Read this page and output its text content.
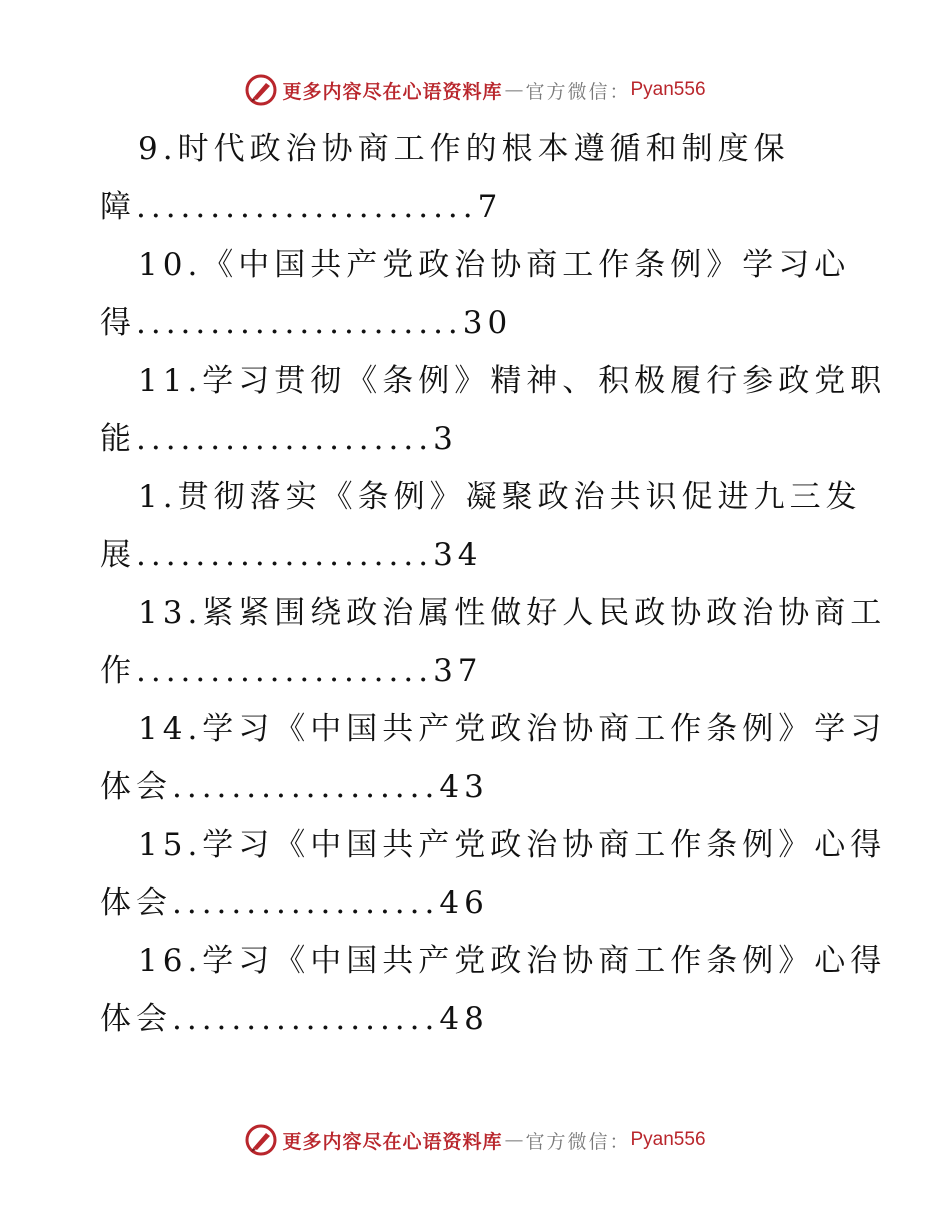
更多内容尽在心语资料库 — 官方微信： Pyan556
9.时代政治协商工作的根本遵循和制度保
障.......................7
10.《中国共产党政治协商工作条例》学习心
得......................30
11.学习贯彻《条例》精神、积极履行参政党职
能....................3
1.贯彻落实《条例》凝聚政治共识促进九三发
展....................34
13.紧紧围绕政治属性做好人民政协政治协商工
作....................37
14.学习《中国共产党政治协商工作条例》学习
体会..................43
15.学习《中国共产党政治协商工作条例》心得
体会..................46
16.学习《中国共产党政治协商工作条例》心得
体会..................48
更多内容尽在心语资料库 — 官方微信： Pyan556
